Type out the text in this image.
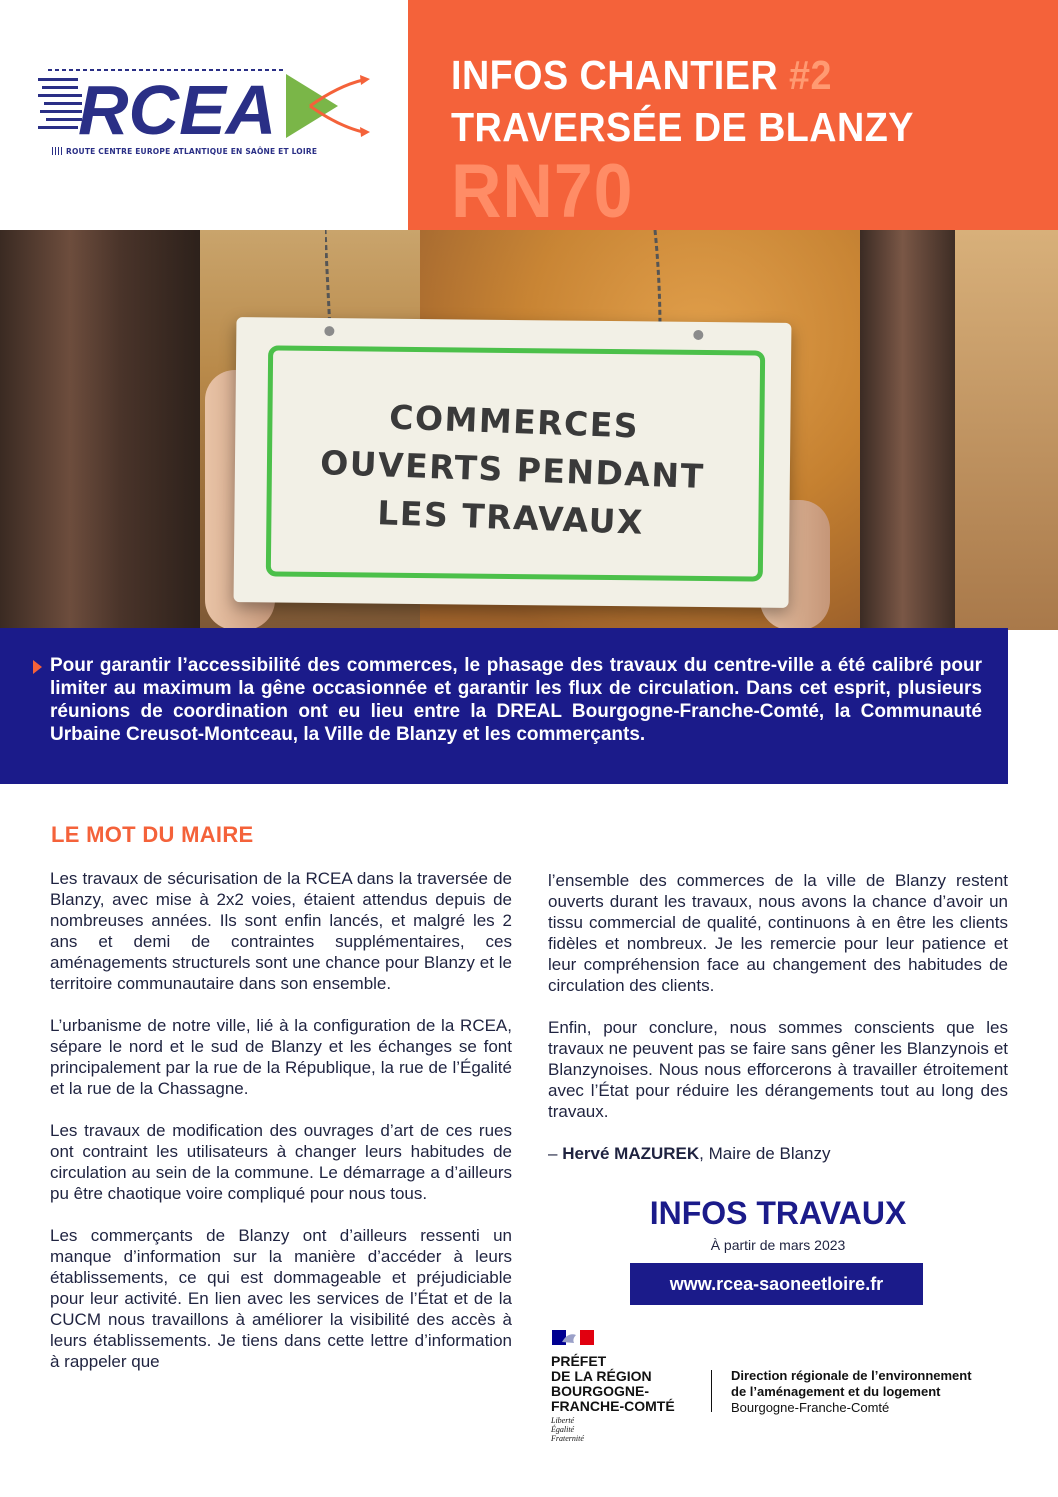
RCEA
ROUTE CENTRE EUROPE ATLANTIQUE EN SAÔNE ET LOIRE
INFOS CHANTIER #2
TRAVERSÉE DE BLANZY
RN70
COMMERCES
OUVERTS PENDANT
LES TRAVAUX
Pour garantir l’accessibilité des commerces, le phasage des travaux du centre-ville a été calibré pour limiter au maximum la gêne occasionnée et garantir les flux de circulation. Dans cet esprit, plusieurs réunions de coordination ont eu lieu entre la DREAL Bourgogne-Franche-Comté, la Communauté Urbaine Creusot-Montceau, la Ville de Blanzy et les commerçants.
LE MOT DU MAIRE

Les travaux de sécurisation de la RCEA dans la traversée de Blanzy, avec mise à 2x2 voies, étaient attendus depuis de nombreuses années. Ils sont enfin lancés, et malgré les 2 ans et demi de contraintes supplémentaires, ces aménagements structurels sont une chance pour Blanzy et le territoire communautaire dans son ensemble.

L’urbanisme de notre ville, lié à la configuration de la RCEA, sépare le nord et le sud de Blanzy et les échanges se font principalement par la rue de la République, la rue de l’Égalité et la rue de la Chassagne.

Les travaux de modification des ouvrages d’art de ces rues ont contraint les utilisateurs à changer leurs habitudes de circulation au sein de la commune. Le démarrage a d’ailleurs pu être chaotique voire compliqué pour nous tous.

Les commerçants de Blanzy ont d’ailleurs ressenti un manque d’information sur la manière d’accéder à leurs établissements, ce qui est dommageable et préjudiciable pour leur activité. En lien avec les services de l’État et de la CUCM nous travaillons à améliorer la visibilité des accès à leurs établissements. Je tiens dans cette lettre d’information à rappeler que

l’ensemble des commerces de la ville de Blanzy restent ouverts durant les travaux, nous avons la chance d’avoir un tissu commercial de qualité, continuons à en être les clients fidèles et nombreux. Je les remercie pour leur patience et leur compréhension face au changement des habitudes de circulation des clients.

Enfin, pour conclure, nous sommes conscients que les travaux ne peuvent pas se faire sans gêner les Blanzynois et Blanzynoises. Nous nous efforcerons à travailler étroitement avec l’État pour réduire les dérangements tout au long des travaux.

– Hervé MAZUREK, Maire de Blanzy

INFOS TRAVAUX
À partir de mars 2023
www.rcea-saoneetloire.fr
PRÉFET
DE LA RÉGION
BOURGOGNE-
FRANCHE-COMTÉ
Liberté
Égalité
Fraternité
Direction régionale de l’environnement
de l’aménagement et du logement
Bourgogne-Franche-Comté
